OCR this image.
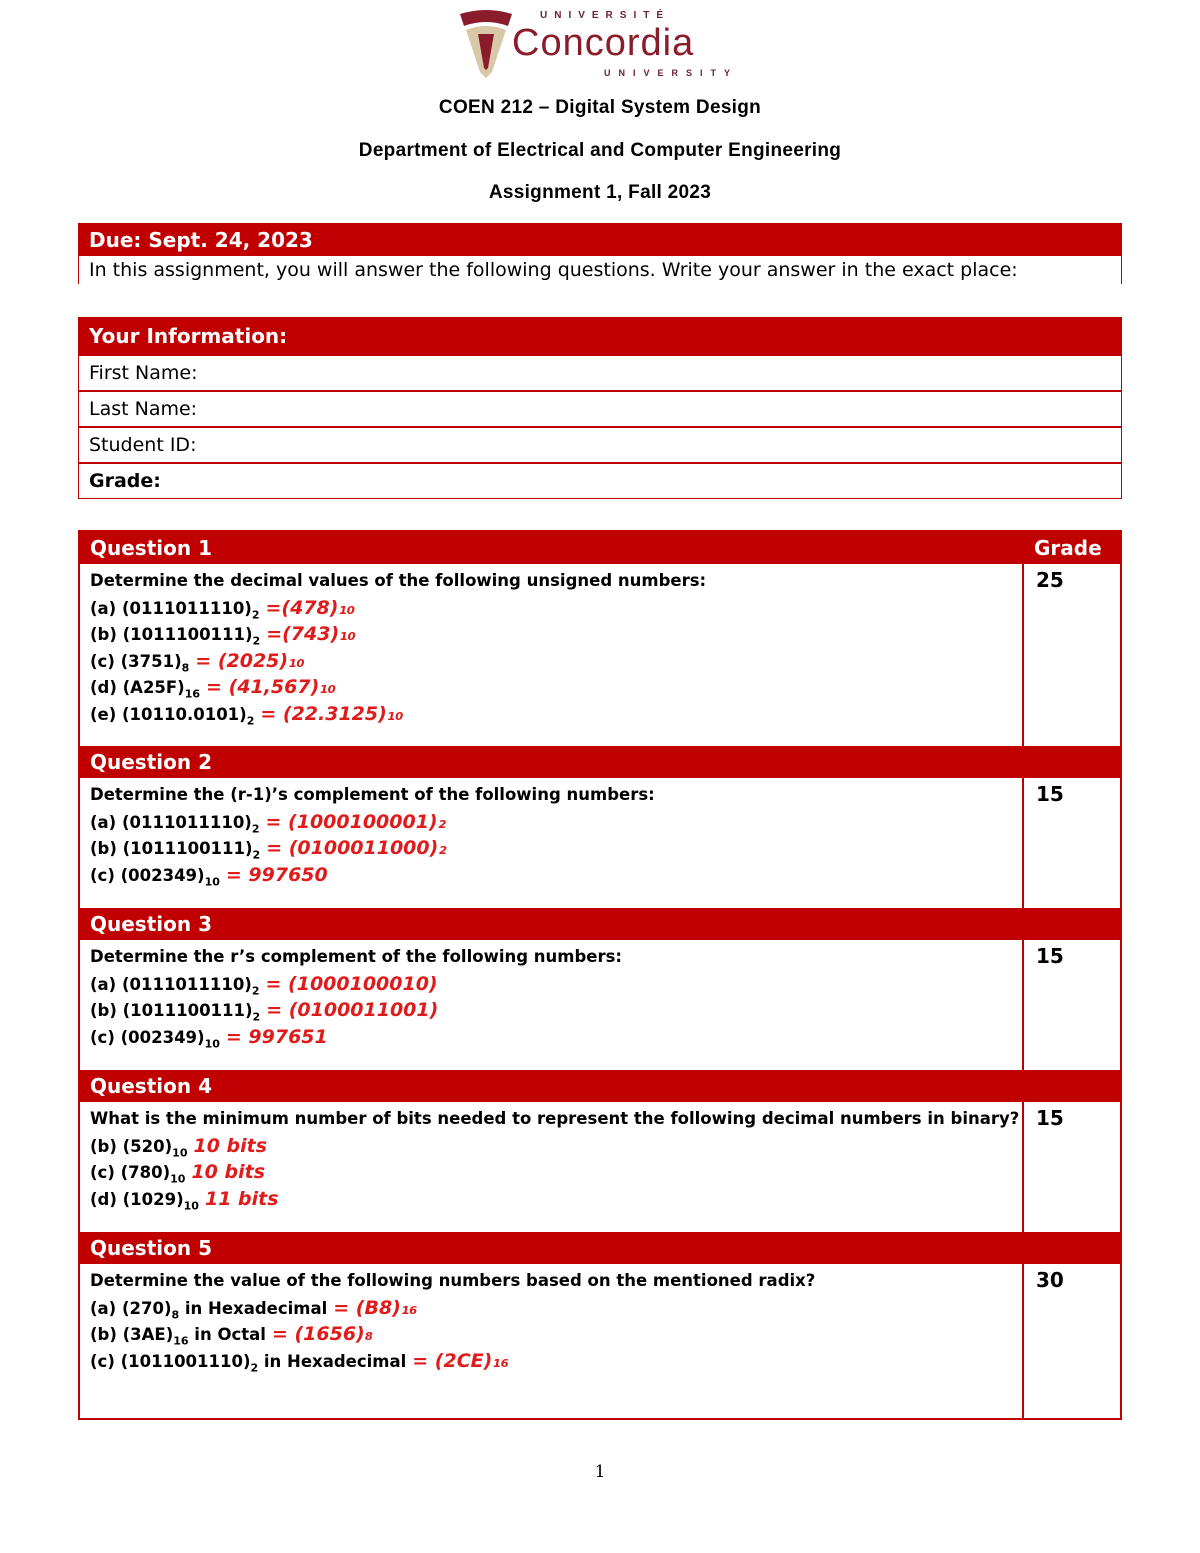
UNIVERSITÉ
Concordia
UNIVERSITY
COEN 212 – Digital System Design
Department of Electrical and Computer Engineering
Assignment 1, Fall 2023
Due: Sept. 24, 2023
In this assignment, you will answer the following questions. Write your answer in the exact place:
Your Information:
First Name:
Last Name:
Student ID:
Grade:
Question 1	Grade
Determine the decimal values of the following unsigned numbers:
(a) $(0111011110)_2 =(478)_{10}$
(b) $(1011100111)_2 =(743)_{10}$
(c) $(3751)_8 = (2025)_{10}$
(d) $(A25F)_{16} = (41,567)_{10}$
(e) $(10110.0101)_2 = (22.3125)_{10}$
25
Question 2
Determine the (r-1)’s complement of the following numbers:
(a) $(0111011110)_2 = (1000100001)_2$
(b) $(1011100111)_2 = (0100011000)_2$
(c) $(002349)_{10} = 997650$
15
Question 3
Determine the r’s complement of the following numbers:
(a) $(0111011110)_2 = (1000100010)$
(b) $(1011100111)_2 = (0100011001)$
(c) $(002349)_{10} = 997651$
15
Question 4
What is the minimum number of bits needed to represent the following decimal numbers in binary?
(b) $(520)_{10}$ 10 bits
(c) $(780)_{10}$ 10 bits
(d) $(1029)_{10}$ 11 bits
15
Question 5
Determine the value of the following numbers based on the mentioned radix?
(a) $(270)_8$ in Hexadecimal = (B8)₁₆
(b) $(3AE)_{16}$ in Octal = (1656)₈
(c) $(1011001110)_2$ in Hexadecimal = (2CE)₁₆
30
1
